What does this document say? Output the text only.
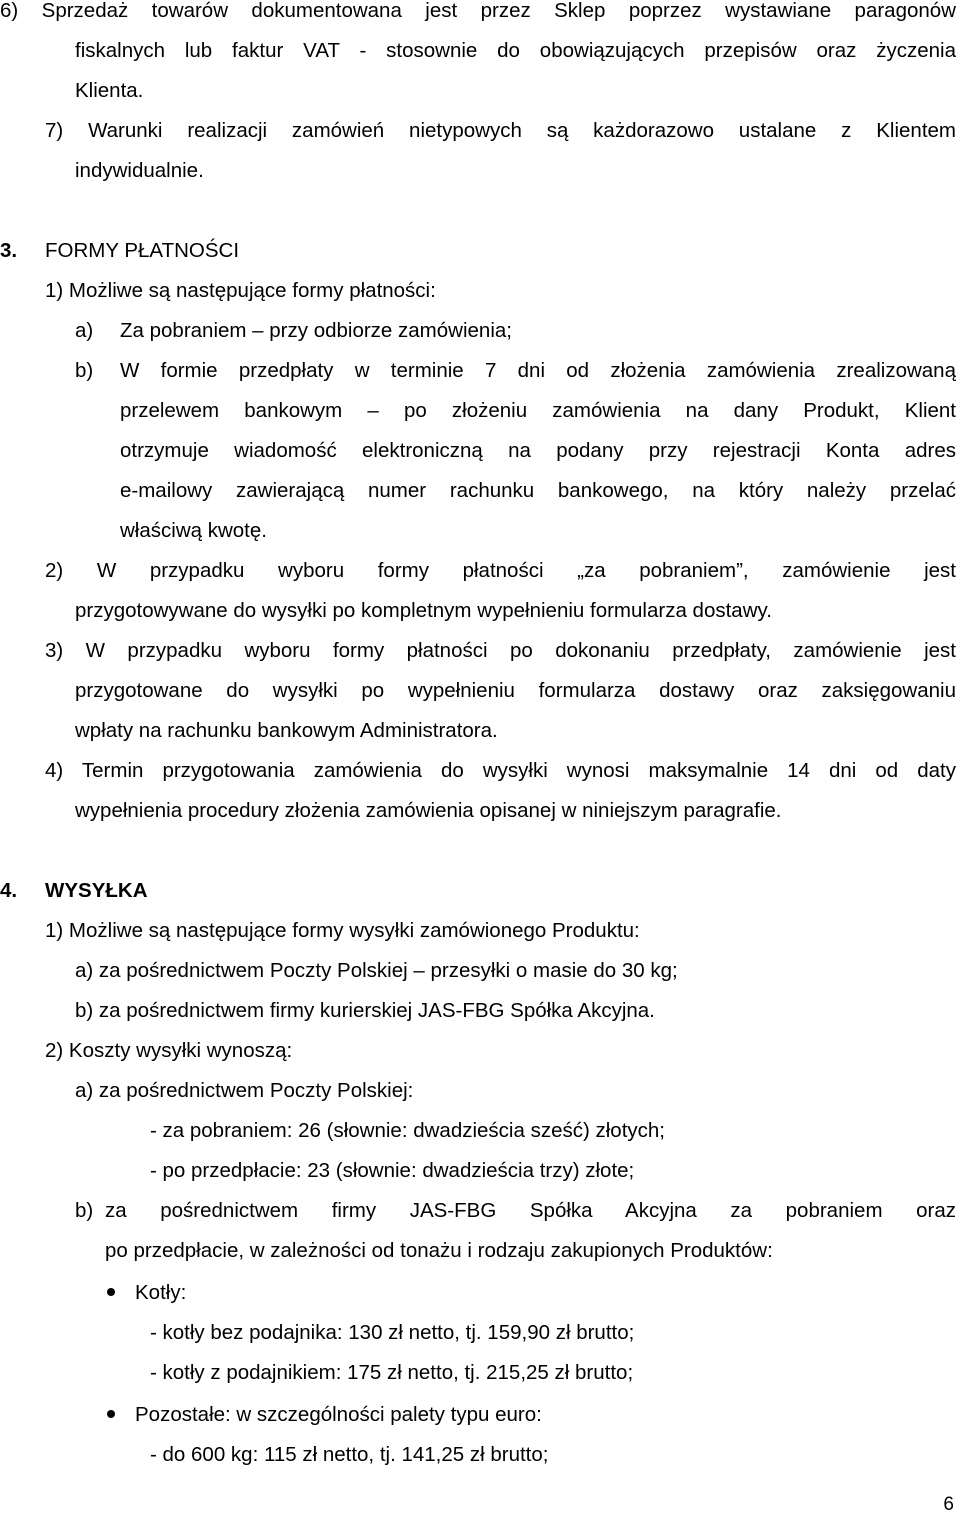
6) Sprzedaż towarów dokumentowana jest przez Sklep poprzez wystawiane paragonów
fiskalnych lub faktur VAT - stosownie do obowiązujących przepisów oraz życzenia
Klienta.
7) Warunki realizacji zamówień nietypowych są każdorazowo ustalane z Klientem
indywidualnie.
3. FORMY PŁATNOŚCI
1) Możliwe są następujące formy płatności:
a) Za pobraniem – przy odbiorze zamówienia;
b) W formie przedpłaty w terminie 7 dni od złożenia zamówienia zrealizowaną
przelewem bankowym – po złożeniu zamówienia na dany Produkt, Klient
otrzymuje wiadomość elektroniczną na podany przy rejestracji Konta adres
e-mailowy zawierającą numer rachunku bankowego, na który należy przelać
właściwą kwotę.
2) W przypadku wyboru formy płatności „za pobraniem”, zamówienie jest
przygotowywane do wysyłki po kompletnym wypełnieniu formularza dostawy.
3) W przypadku wyboru formy płatności po dokonaniu przedpłaty, zamówienie jest
przygotowane do wysyłki po wypełnieniu formularza dostawy oraz zaksięgowaniu
wpłaty na rachunku bankowym Administratora.
4) Termin przygotowania zamówienia do wysyłki wynosi maksymalnie 14 dni od daty
wypełnienia procedury złożenia zamówienia opisanej w niniejszym paragrafie.
4. WYSYŁKA
1) Możliwe są następujące formy wysyłki zamówionego Produktu:
a) za pośrednictwem Poczty Polskiej – przesyłki o masie do 30 kg;
b) za pośrednictwem firmy kurierskiej JAS-FBG Spółka Akcyjna.
2) Koszty wysyłki wynoszą:
a) za pośrednictwem Poczty Polskiej:
- za pobraniem: 26 (słownie: dwadzieścia sześć) złotych;
- po przedpłacie: 23 (słownie: dwadzieścia trzy) złote;
b) za pośrednictwem firmy JAS-FBG Spółka Akcyjna za pobraniem oraz
po przedpłacie, w zależności od tonażu i rodzaju zakupionych Produktów:
Kotły:
- kotły bez podajnika: 130 zł netto, tj. 159,90 zł brutto;
- kotły z podajnikiem: 175 zł netto, tj. 215,25 zł brutto;
Pozostałe: w szczególności palety typu euro:
- do 600 kg: 115 zł netto, tj. 141,25 zł brutto;
6
